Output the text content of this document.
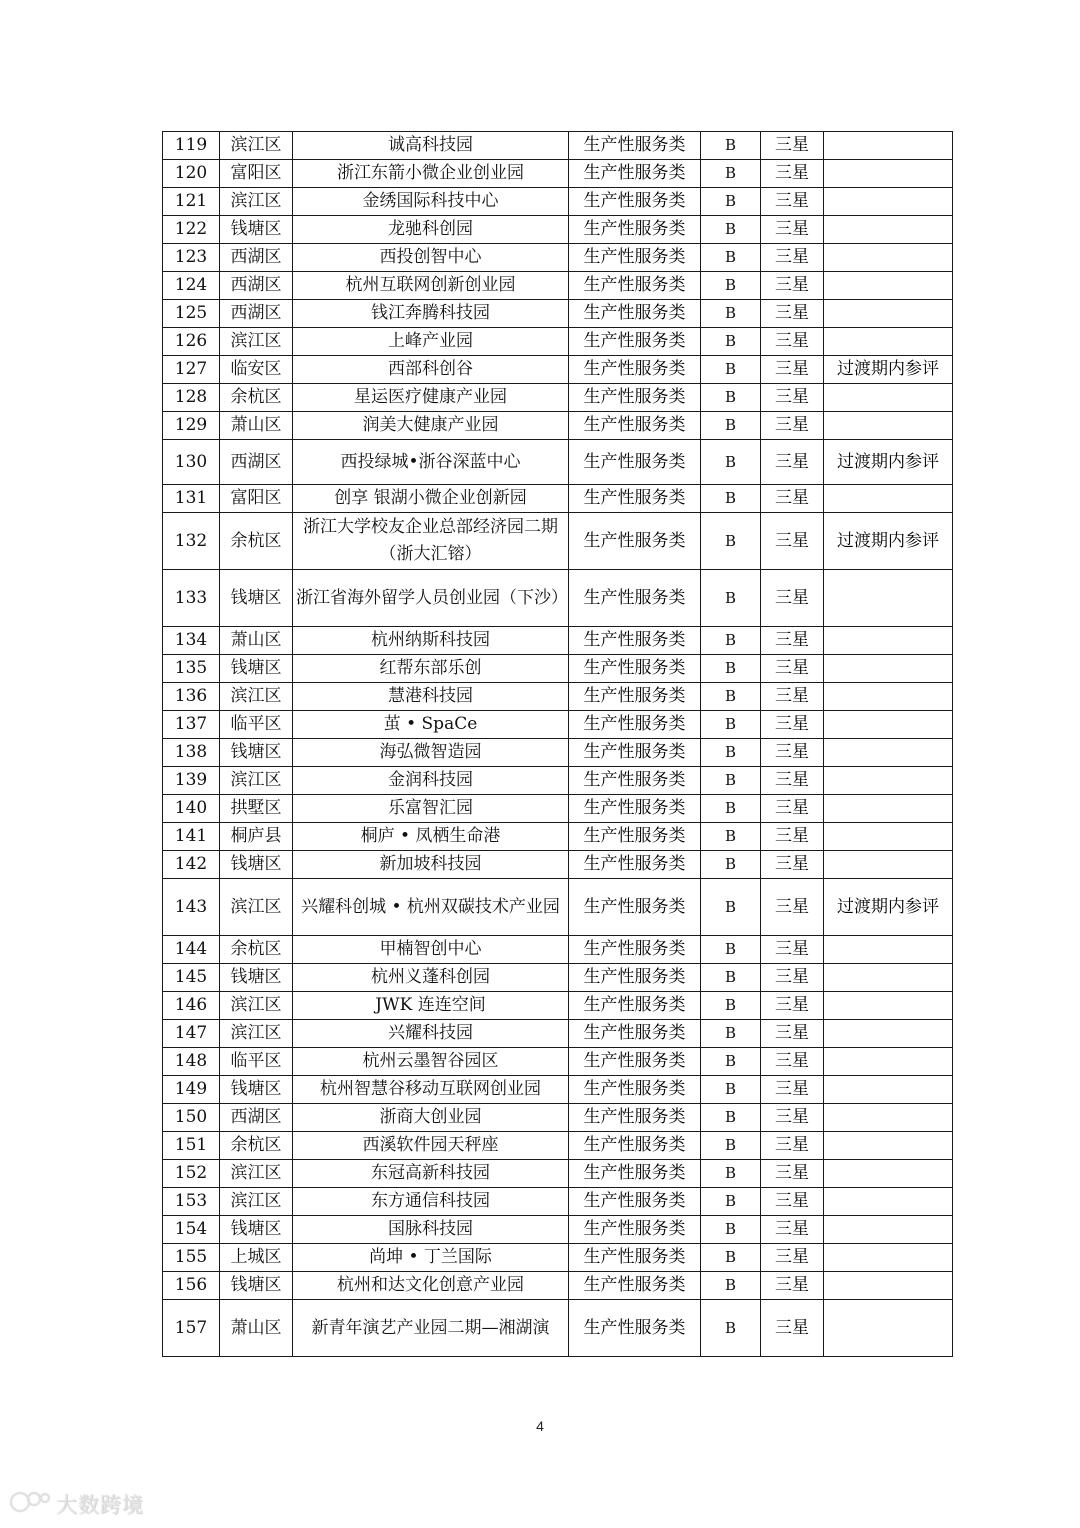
119	滨江区	诚高科技园	生产性服务类	B	三星	
120	富阳区	浙江东箭小微企业创业园	生产性服务类	B	三星	
121	滨江区	金绣国际科技中心	生产性服务类	B	三星	
122	钱塘区	龙驰科创园	生产性服务类	B	三星	
123	西湖区	西投创智中心	生产性服务类	B	三星	
124	西湖区	杭州互联网创新创业园	生产性服务类	B	三星	
125	西湖区	钱江奔腾科技园	生产性服务类	B	三星	
126	滨江区	上峰产业园	生产性服务类	B	三星	
127	临安区	西部科创谷	生产性服务类	B	三星	过渡期内参评
128	余杭区	星运医疗健康产业园	生产性服务类	B	三星	
129	萧山区	润美大健康产业园	生产性服务类	B	三星	
130	西湖区	西投绿城•浙谷深蓝中心	生产性服务类	B	三星	过渡期内参评
131	富阳区	创享 银湖小微企业创新园	生产性服务类	B	三星	
132	余杭区	浙江大学校友企业总部经济园二期（浙大汇镕）	生产性服务类	B	三星	过渡期内参评
133	钱塘区	浙江省海外留学人员创业园（下沙）	生产性服务类	B	三星	
134	萧山区	杭州纳斯科技园	生产性服务类	B	三星	
135	钱塘区	红帮东部乐创	生产性服务类	B	三星	
136	滨江区	慧港科技园	生产性服务类	B	三星	
137	临平区	茧 • SpaCe	生产性服务类	B	三星	
138	钱塘区	海弘微智造园	生产性服务类	B	三星	
139	滨江区	金润科技园	生产性服务类	B	三星	
140	拱墅区	乐富智汇园	生产性服务类	B	三星	
141	桐庐县	桐庐 • 凤栖生命港	生产性服务类	B	三星	
142	钱塘区	新加坡科技园	生产性服务类	B	三星	
143	滨江区	兴耀科创城 • 杭州双碳技术产业园	生产性服务类	B	三星	过渡期内参评
144	余杭区	甲楠智创中心	生产性服务类	B	三星	
145	钱塘区	杭州义蓬科创园	生产性服务类	B	三星	
146	滨江区	JWK 连连空间	生产性服务类	B	三星	
147	滨江区	兴耀科技园	生产性服务类	B	三星	
148	临平区	杭州云墨智谷园区	生产性服务类	B	三星	
149	钱塘区	杭州智慧谷移动互联网创业园	生产性服务类	B	三星	
150	西湖区	浙商大创业园	生产性服务类	B	三星	
151	余杭区	西溪软件园天秤座	生产性服务类	B	三星	
152	滨江区	东冠高新科技园	生产性服务类	B	三星	
153	滨江区	东方通信科技园	生产性服务类	B	三星	
154	钱塘区	国脉科技园	生产性服务类	B	三星	
155	上城区	尚坤 • 丁兰国际	生产性服务类	B	三星	
156	钱塘区	杭州和达文化创意产业园	生产性服务类	B	三星	
157	萧山区	新青年演艺产业园二期—湘湖演	生产性服务类	B	三星	
4
大数跨境
